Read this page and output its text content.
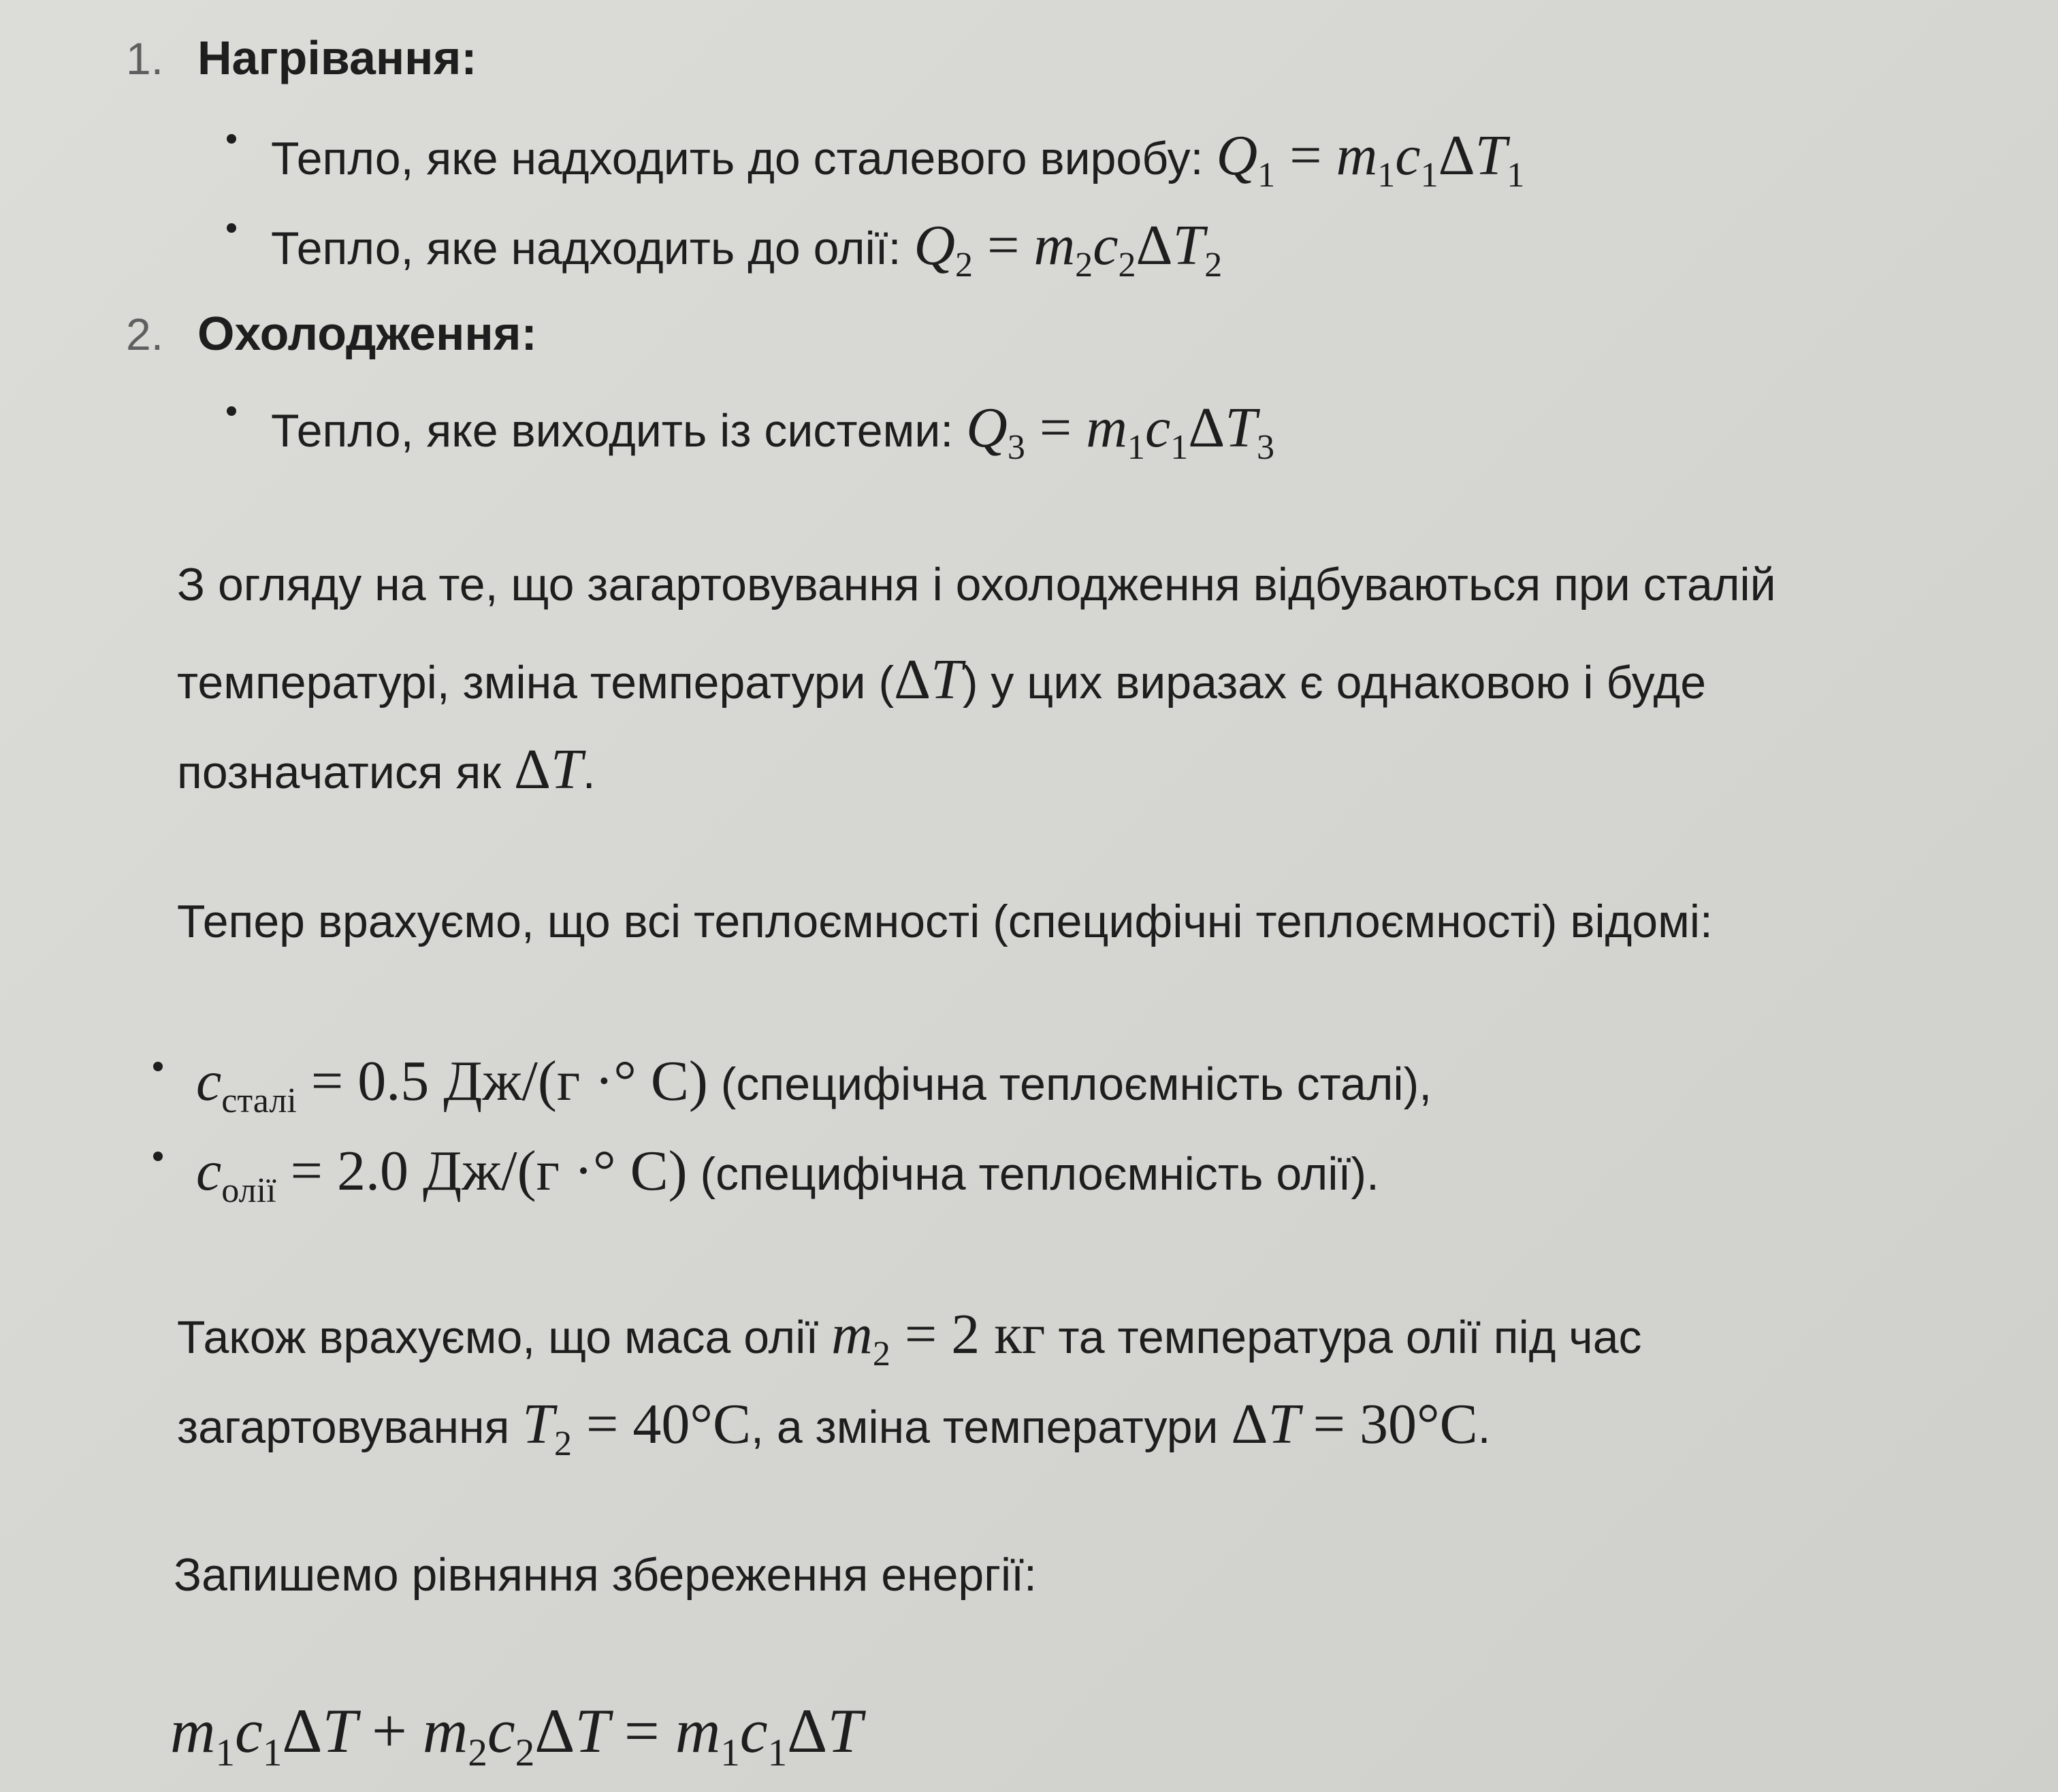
1. Нагрівання:
Тепло, яке надходить до сталевого виробу: $Q_1 = m_1c_1\Delta T_1$
Тепло, яке надходить до олії: $Q_2 = m_2c_2\Delta T_2$
2. Охолодження:
Тепло, яке виходить із системи: $Q_3 = m_1c_1\Delta T_3$
З огляду на те, що загартовування і охолодження відбуваються при сталій
температурі, зміна температури (ΔT) у цих виразах є однаковою і буде
позначатися як ΔT.
Тепер врахуємо, що всі теплоємності (специфічні теплоємності) відомі:
$c_{сталі} = 0.5$ Дж/(г ·° C) (специфічна теплоємність сталі),
$c_{олії} = 2.0$ Дж/(г ·° C) (специфічна теплоємність олії).
Також врахуємо, що маса олії $m_2 = 2$ кг та температура олії під час
загартовування $T_2 = 40^\circ C$, а зміна температури ΔT = 30°C.
Запишемо рівняння збереження енергії:
$m_1c_1\Delta T + m_2c_2\Delta T = m_1c_1\Delta T$
